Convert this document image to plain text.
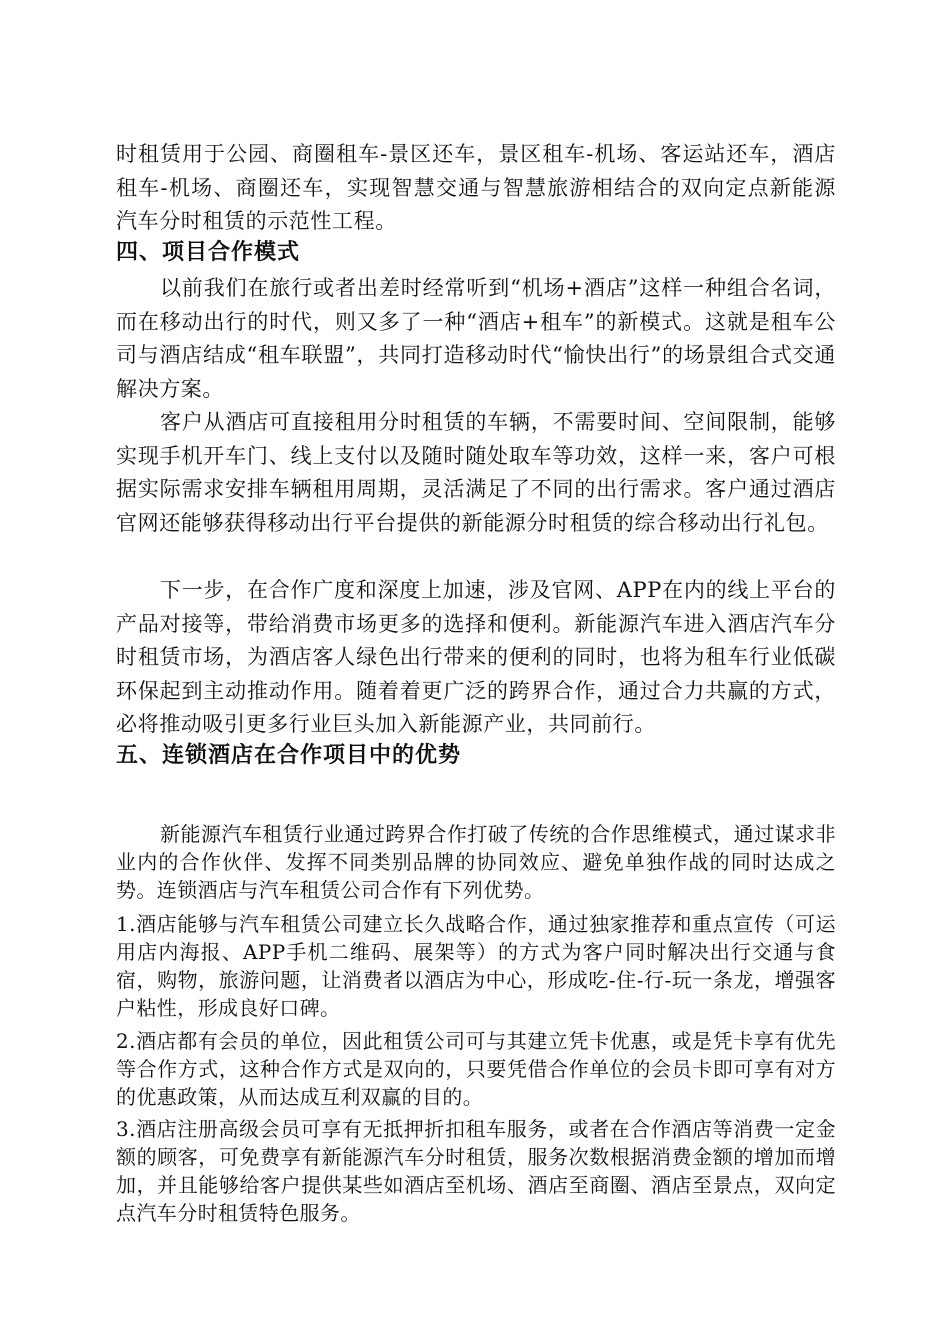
时租赁用于公园、商圈租车-景区还车，景区租车-机场、客运站还车，酒店租车-机场、商圈还车，实现智慧交通与智慧旅游相结合的双向定点新能源汽车分时租赁的示范性工程。

四、项目合作模式

以前我们在旅行或者出差时经常听到“机场+酒店”这样一种组合名词，而在移动出行的时代，则又多了一种“酒店+租车”的新模式。这就是租车公司与酒店结成“租车联盟”，共同打造移动时代“愉快出行”的场景组合式交通解决方案。

客户从酒店可直接租用分时租赁的车辆，不需要时间、空间限制，能够实现手机开车门、线上支付以及随时随处取车等功效，这样一来，客户可根据实际需求安排车辆租用周期，灵活满足了不同的出行需求。客户通过酒店官网还能够获得移动出行平台提供的新能源分时租赁的综合移动出行礼包。

下一步，在合作广度和深度上加速，涉及官网、APP在内的线上平台的产品对接等，带给消费市场更多的选择和便利。新能源汽车进入酒店汽车分时租赁市场，为酒店客人绿色出行带来的便利的同时，也将为租车行业低碳环保起到主动推动作用。随着着更广泛的跨界合作，通过合力共赢的方式，必将推动吸引更多行业巨头加入新能源产业，共同前行。

五、连锁酒店在合作项目中的优势

新能源汽车租赁行业通过跨界合作打破了传统的合作思维模式，通过谋求非业内的合作伙伴、发挥不同类别品牌的协同效应、避免单独作战的同时达成之势。连锁酒店与汽车租赁公司合作有下列优势。

1.酒店能够与汽车租赁公司建立长久战略合作，通过独家推荐和重点宣传（可运用店内海报、APP手机二维码、展架等）的方式为客户同时解决出行交通与食宿，购物，旅游问题，让消费者以酒店为中心，形成吃-住-行-玩一条龙，增强客户粘性，形成良好口碑。

2.酒店都有会员的单位，因此租赁公司可与其建立凭卡优惠，或是凭卡享有优先等合作方式，这种合作方式是双向的，只要凭借合作单位的会员卡即可享有对方的优惠政策，从而达成互利双赢的目的。

3.酒店注册高级会员可享有无抵押折扣租车服务，或者在合作酒店等消费一定金额的顾客，可免费享有新能源汽车分时租赁，服务次数根据消费金额的增加而增加，并且能够给客户提供某些如酒店至机场、酒店至商圈、酒店至景点，双向定点汽车分时租赁特色服务。
